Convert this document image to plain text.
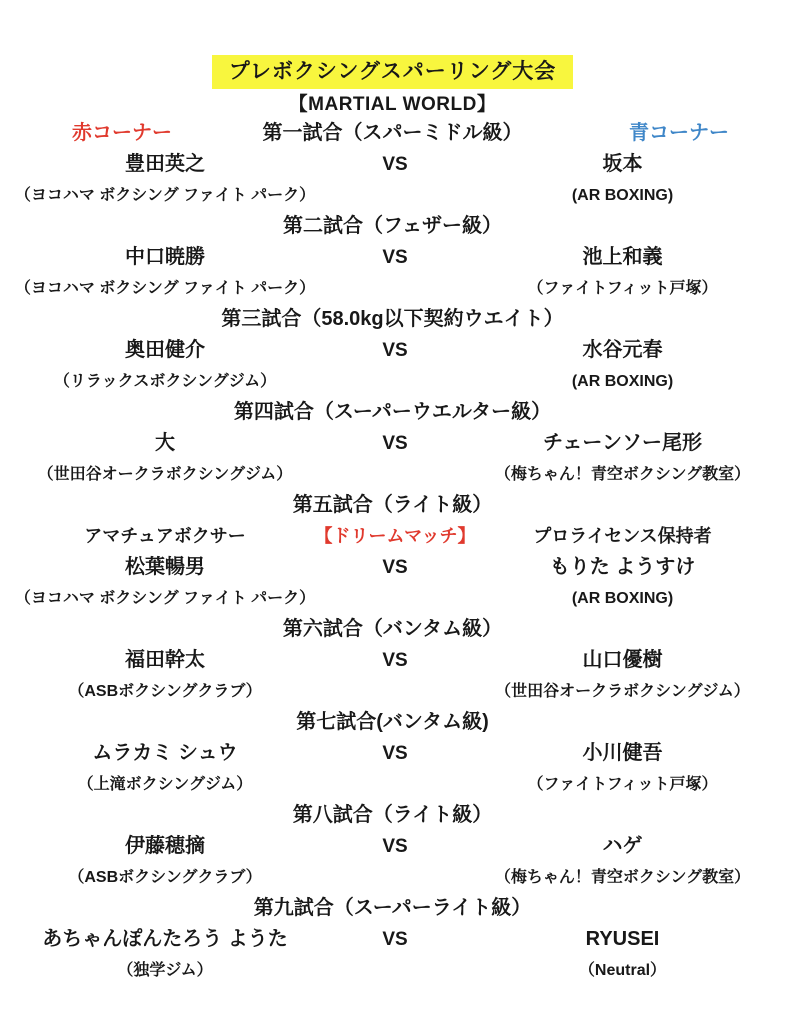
プレボクシングスパーリング大会
【MARTIAL WORLD】
第一試合（スパーミドル級）
赤コーナー	青コーナー
豊田英之	VS	坂本
（ヨコハマ ボクシング ファイト パーク）	(AR BOXING)
第二試合（フェザー級）
中口暁勝	VS	池上和義
（ヨコハマ ボクシング ファイト パーク）	（ファイトフィット戸塚）
第三試合（58.0kg以下契約ウエイト）
奥田健介	VS	水谷元春
（リラックスボクシングジム）	(AR BOXING)
第四試合（スーパーウエルター級）
大	VS	チェーンソー尾形
（世田谷オークラボクシングジム）	（梅ちゃん！青空ボクシング教室）
第五試合（ライト級）
アマチュアボクサー	【ドリームマッチ】	プロライセンス保持者
松葉暢男	VS	もりた ようすけ
（ヨコハマ ボクシング ファイト パーク）	(AR BOXING)
第六試合（バンタム級）
福田幹太	VS	山口優樹
（ASBボクシングクラブ）	（世田谷オークラボクシングジム）
第七試合(バンタム級)
ムラカミ シュウ	VS	小川健吾
（上滝ボクシングジム）	（ファイトフィット戸塚）
第八試合（ライト級）
伊藤穂摘	VS	ハゲ
（ASBボクシングクラブ）	（梅ちゃん！青空ボクシング教室）
第九試合（スーパーライト級）
あちゃんぽんたろう ようた	VS	RYUSEI
（独学ジム）	（Neutral）
